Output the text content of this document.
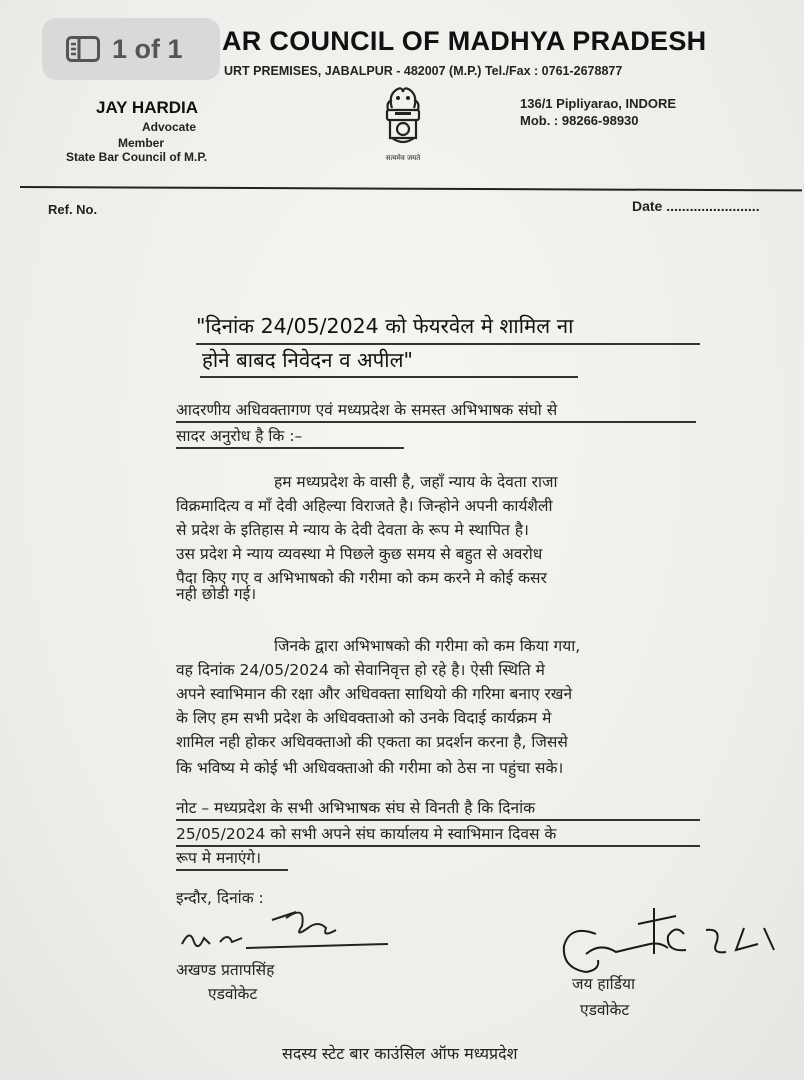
AR COUNCIL OF MADHYA PRADESH
URT PREMISES, JABALPUR - 482007 (M.P.) Tel./Fax : 0761-2678877
JAY HARDIA
Advocate
Member
State Bar Council of M.P.	सत्यमेव जयते
136/1 Pipliyarao, INDORE
Mob. : 98266-98930
Ref. No.	Date ........................
"दिनांक 24/05/2024 को फेयरवेल मे शामिल ना
होने बाबद निवेदन व अपील"
आदरणीय अधिवक्तागण एवं मध्यप्रदेश के समस्त अभिभाषक संघो से
सादर अनुरोध है कि :–
हम मध्यप्रदेश के वासी है, जहाँ न्याय के देवता राजा
विक्रमादित्य व माँ देवी अहिल्या विराजते है। जिन्होने अपनी कार्यशैली
से प्रदेश के इतिहास मे न्याय के देवी देवता के रूप मे स्थापित है।
उस प्रदेश मे न्याय व्यवस्था मे पिछले कुछ समय से बहुत से अवरोध
पैदा किए गए व अभिभाषको की गरीमा को कम करने मे कोई कसर
नही छोडी गई।
जिनके द्वारा अभिभाषको की गरीमा को कम किया गया,
वह दिनांक 24/05/2024 को सेवानिवृत्त हो रहे है। ऐसी स्थिति मे
अपने स्वाभिमान की रक्षा और अधिवक्ता साथियो की गरिमा बनाए रखने
के लिए हम सभी प्रदेश के अधिवक्ताओ को उनके विदाई कार्यक्रम मे
शामिल नही होकर अधिवक्ताओ की एकता का प्रदर्शन करना है, जिससे
कि भविष्य मे कोई भी अधिवक्ताओ की गरीमा को ठेस ना पहुंचा सके।
नोट – मध्यप्रदेश के सभी अभिभाषक संघ से विनती है कि दिनांक
25/05/2024 को सभी अपने संघ कार्यालय मे स्वाभिमान दिवस के
रूप मे मनाएंगे।
इन्दौर, दिनांक :
अखण्ड प्रतापसिंह
एडवोकेट
जय हार्डिया
एडवोकेट
सदस्य स्टेट बार काउंसिल ऑफ मध्यप्रदेश
1 of 1
